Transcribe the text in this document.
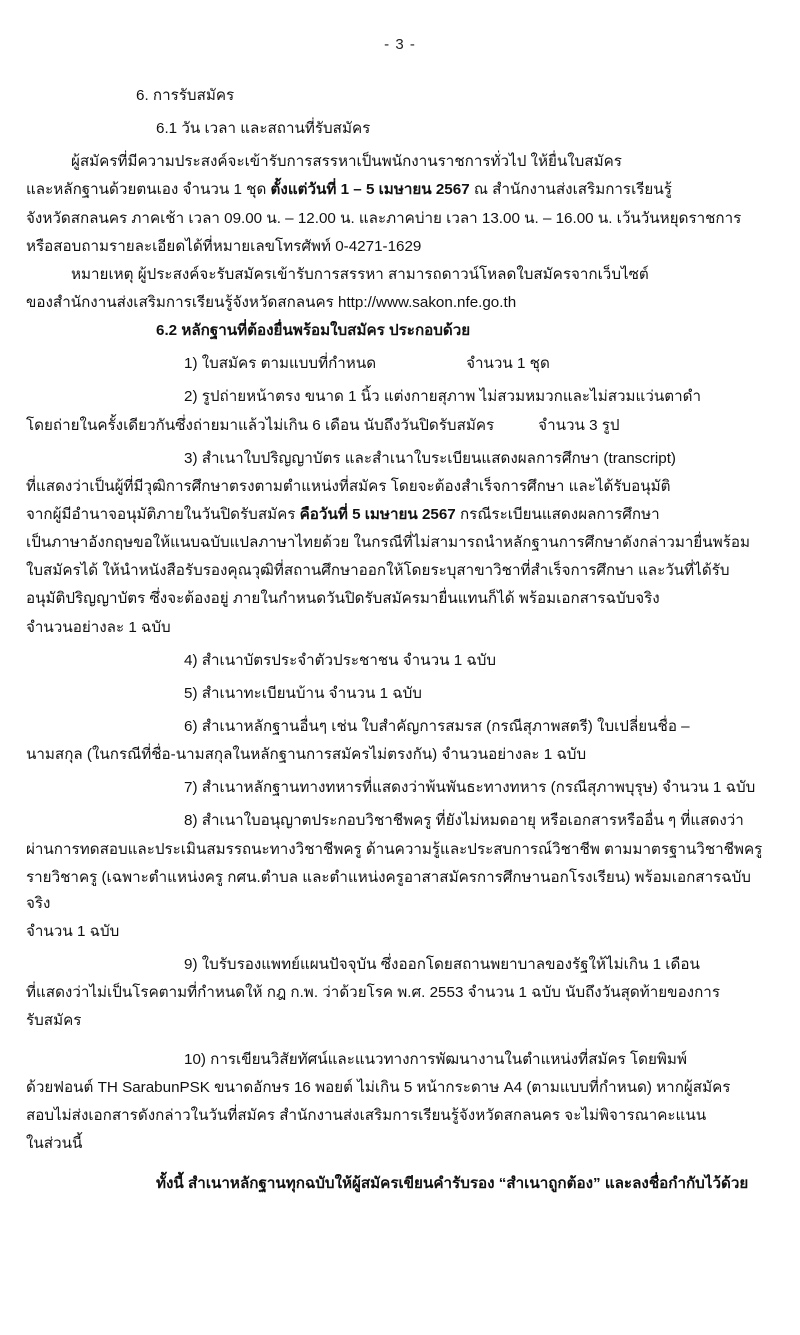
- 3 -

6. การรับสมัคร

6.1 วัน เวลา และสถานที่รับสมัคร

ผู้สมัครที่มีความประสงค์จะเข้ารับการสรรหาเป็นพนักงานราชการทั่วไป ให้ยื่นใบสมัคร

และหลักฐานด้วยตนเอง จำนวน 1 ชุด ตั้งแต่วันที่ 1 – 5 เมษายน 2567 ณ สำนักงานส่งเสริมการเรียนรู้

จังหวัดสกลนคร ภาคเช้า เวลา 09.00 น. – 12.00 น. และภาคบ่าย เวลา 13.00 น. – 16.00 น. เว้นวันหยุดราชการ

หรือสอบถามรายละเอียดได้ที่หมายเลขโทรศัพท์ 0-4271-1629

หมายเหตุ ผู้ประสงค์จะรับสมัครเข้ารับการสรรหา สามารถดาวน์โหลดใบสมัครจากเว็บไซต์

ของสำนักงานส่งเสริมการเรียนรู้จังหวัดสกลนคร http://www.sakon.nfe.go.th

6.2 หลักฐานที่ต้องยื่นพร้อมใบสมัคร ประกอบด้วย

1) ใบสมัคร ตามแบบที่กำหนด	จำนวน 1 ชุด

2) รูปถ่ายหน้าตรง ขนาด 1 นิ้ว แต่งกายสุภาพ ไม่สวมหมวกและไม่สวมแว่นตาดำ

โดยถ่ายในครั้งเดียวกันซึ่งถ่ายมาแล้วไม่เกิน 6 เดือน นับถึงวันปิดรับสมัคร	จำนวน 3 รูป

3) สำเนาใบปริญญาบัตร และสำเนาใบระเบียนแสดงผลการศึกษา (transcript)

ที่แสดงว่าเป็นผู้ที่มีวุฒิการศึกษาตรงตามตำแหน่งที่สมัคร โดยจะต้องสำเร็จการศึกษา และได้รับอนุมัติ

จากผู้มีอำนาจอนุมัติภายในวันปิดรับสมัคร คือวันที่ 5 เมษายน 2567 กรณีระเบียนแสดงผลการศึกษา

เป็นภาษาอังกฤษขอให้แนบฉบับแปลภาษาไทยด้วย ในกรณีที่ไม่สามารถนำหลักฐานการศึกษาดังกล่าวมายื่นพร้อม

ใบสมัครได้ ให้นำหนังสือรับรองคุณวุฒิที่สถานศึกษาออกให้โดยระบุสาขาวิชาที่สำเร็จการศึกษา และวันที่ได้รับ

อนุมัติปริญญาบัตร ซึ่งจะต้องอยู่ ภายในกำหนดวันปิดรับสมัครมายื่นแทนก็ได้ พร้อมเอกสารฉบับจริง

จำนวนอย่างละ 1 ฉบับ

4) สำเนาบัตรประจำตัวประชาชน จำนวน 1 ฉบับ

5) สำเนาทะเบียนบ้าน จำนวน 1 ฉบับ

6) สำเนาหลักฐานอื่นๆ เช่น ใบสำคัญการสมรส (กรณีสุภาพสตรี) ใบเปลี่ยนชื่อ –

นามสกุล (ในกรณีที่ชื่อ-นามสกุลในหลักฐานการสมัครไม่ตรงกัน) จำนวนอย่างละ 1 ฉบับ

7) สำเนาหลักฐานทางทหารที่แสดงว่าพ้นพันธะทางทหาร (กรณีสุภาพบุรุษ) จำนวน 1 ฉบับ

8) สำเนาใบอนุญาตประกอบวิชาชีพครู ที่ยังไม่หมดอายุ หรือเอกสารหรืออื่น ๆ ที่แสดงว่า

ผ่านการทดสอบและประเมินสมรรถนะทางวิชาชีพครู ด้านความรู้และประสบการณ์วิชาชีพ ตามมาตรฐานวิชาชีพครู

รายวิชาครู (เฉพาะตำแหน่งครู กศน.ตำบล และตำแหน่งครูอาสาสมัครการศึกษานอกโรงเรียน) พร้อมเอกสารฉบับจริง

จำนวน 1 ฉบับ

9) ใบรับรองแพทย์แผนปัจจุบัน ซึ่งออกโดยสถานพยาบาลของรัฐให้ไม่เกิน 1 เดือน

ที่แสดงว่าไม่เป็นโรคตามที่กำหนดให้ กฎ ก.พ. ว่าด้วยโรค พ.ศ. 2553 จำนวน 1 ฉบับ นับถึงวันสุดท้ายของการ

รับสมัคร

10) การเขียนวิสัยทัศน์และแนวทางการพัฒนางานในตำแหน่งที่สมัคร โดยพิมพ์

ด้วยฟอนต์ TH SarabunPSK ขนาดอักษร 16 พอยต์ ไม่เกิน 5 หน้ากระดาษ A4 (ตามแบบที่กำหนด) หากผู้สมัคร

สอบไม่ส่งเอกสารดังกล่าวในวันที่สมัคร สำนักงานส่งเสริมการเรียนรู้จังหวัดสกลนคร จะไม่พิจารณาคะแนน

ในส่วนนี้

ทั้งนี้ สำเนาหลักฐานทุกฉบับให้ผู้สมัครเขียนคำรับรอง “สำเนาถูกต้อง” และลงชื่อกำกับไว้ด้วย
